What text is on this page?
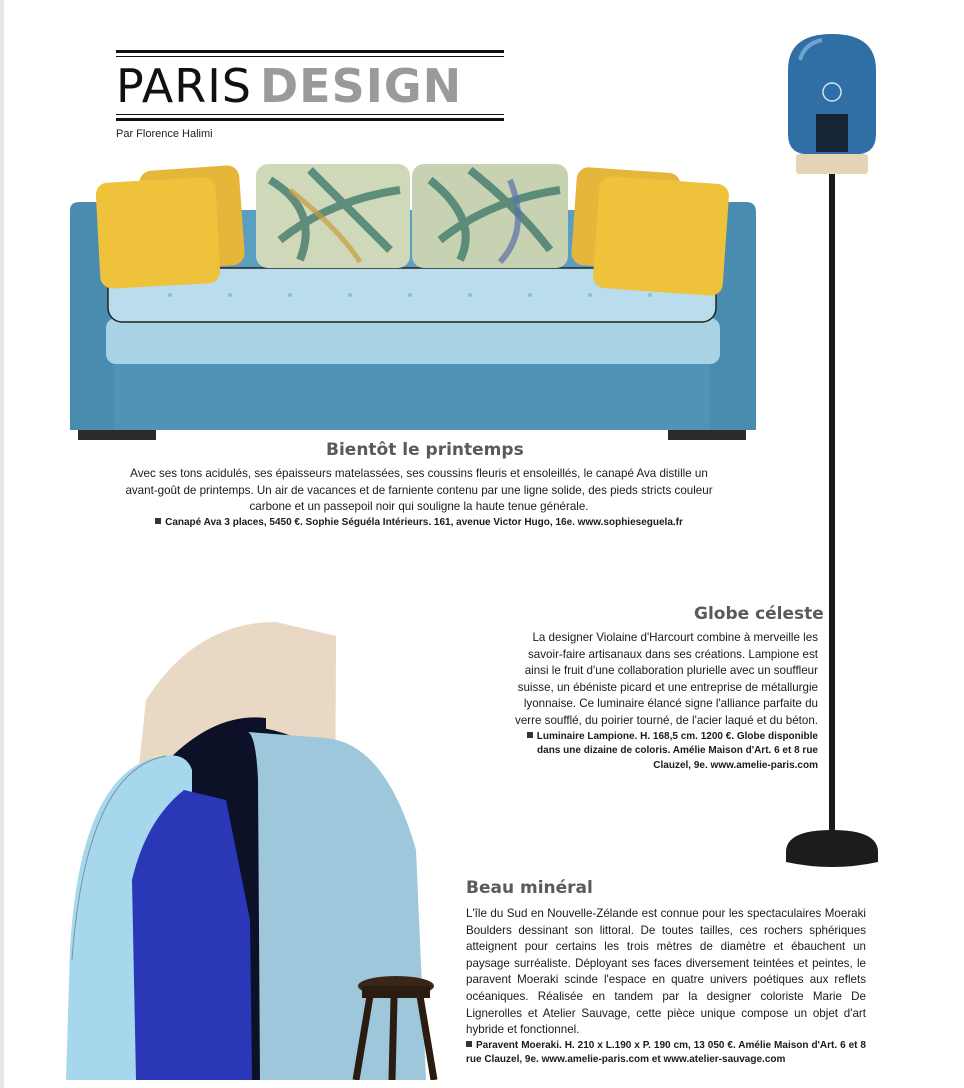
PARIS DESIGN
Par Florence Halimi
Bientôt le printemps
Avec ses tons acidulés, ses épaisseurs matelassées, ses coussins fleuris et ensoleillés, le canapé Ava distille un avant-goût de printemps. Un air de vacances et de farniente contenu par une ligne solide, des pieds stricts couleur carbone et un passepoil noir qui souligne la haute tenue générale.
Canapé Ava 3 places, 5450 €. Sophie Séguéla Intérieurs. 161, avenue Victor Hugo, 16e. www.sophieseguela.fr
Globe céleste
La designer Violaine d'Harcourt combine à merveille les savoir-faire artisanaux dans ses créations. Lampione est ainsi le fruit d'une collaboration plurielle avec un souffleur suisse, un ébéniste picard et une entreprise de métallurgie lyonnaise. Ce luminaire élancé signe l'alliance parfaite du verre soufflé, du poirier tourné, de l'acier laqué et du béton.
Luminaire Lampione. H. 168,5 cm. 1200 €. Globe disponible dans une dizaine de coloris. Amélie Maison d'Art. 6 et 8 rue Clauzel, 9e. www.amelie-paris.com
Beau minéral
L'île du Sud en Nouvelle-Zélande est connue pour les spectaculaires Moeraki Boulders dessinant son littoral. De toutes tailles, ces rochers sphériques atteignent pour certains les trois mètres de diamètre et ébauchent un paysage surréaliste. Déployant ses faces diversement teintées et peintes, le paravent Moeraki scinde l'espace en quatre univers poétiques aux reflets océaniques. Réalisée en tandem par la designer coloriste Marie De Lignerolles et Atelier Sauvage, cette pièce unique compose un objet d'art hybride et fonctionnel.
Paravent Moeraki. H. 210 x L.190 x P. 190 cm, 13 050 €. Amélie Maison d'Art. 6 et 8 rue Clauzel, 9e. www.amelie-paris.com et www.atelier-sauvage.com
